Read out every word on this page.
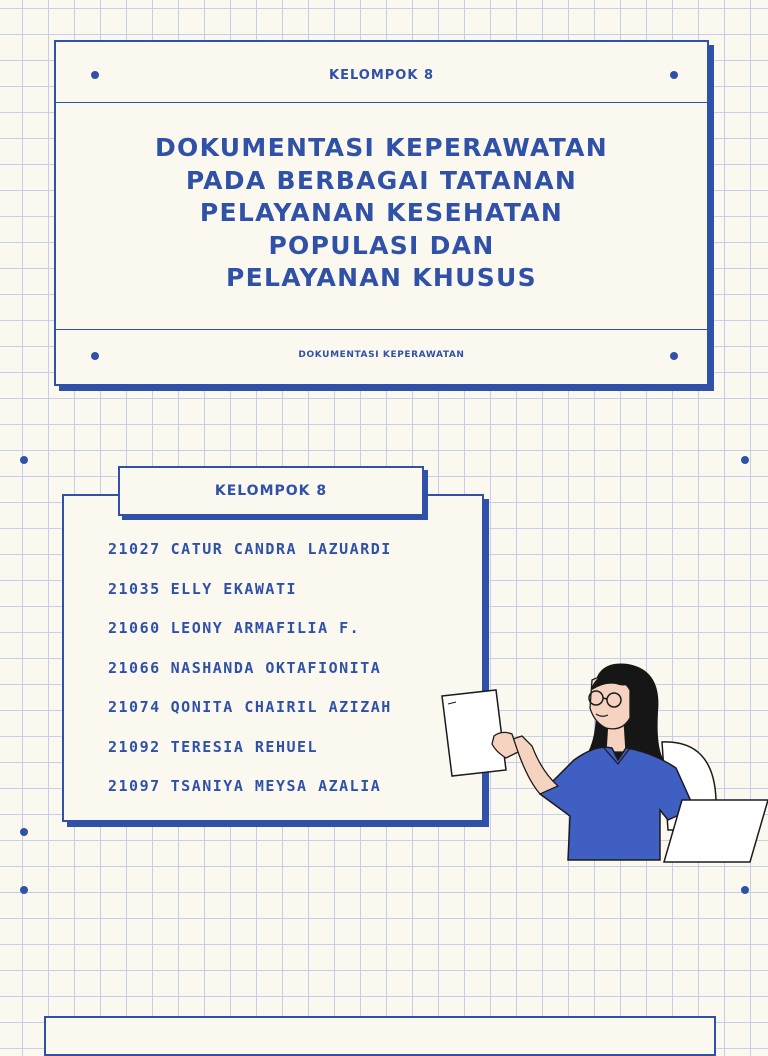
KELOMPOK 8
DOKUMENTASI KEPERAWATAN
PADA BERBAGAI TATANAN
PELAYANAN KESEHATAN
POPULASI DAN
PELAYANAN KHUSUS
DOKUMENTASI KEPERAWATAN
KELOMPOK 8
21027 CATUR CANDRA LAZUARDI
21035 ELLY EKAWATI
21060 LEONY ARMAFILIA F.
21066 NASHANDA OKTAFIONITA
21074 QONITA CHAIRIL AZIZAH
21092 TERESIA REHUEL
21097 TSANIYA MEYSA AZALIA
